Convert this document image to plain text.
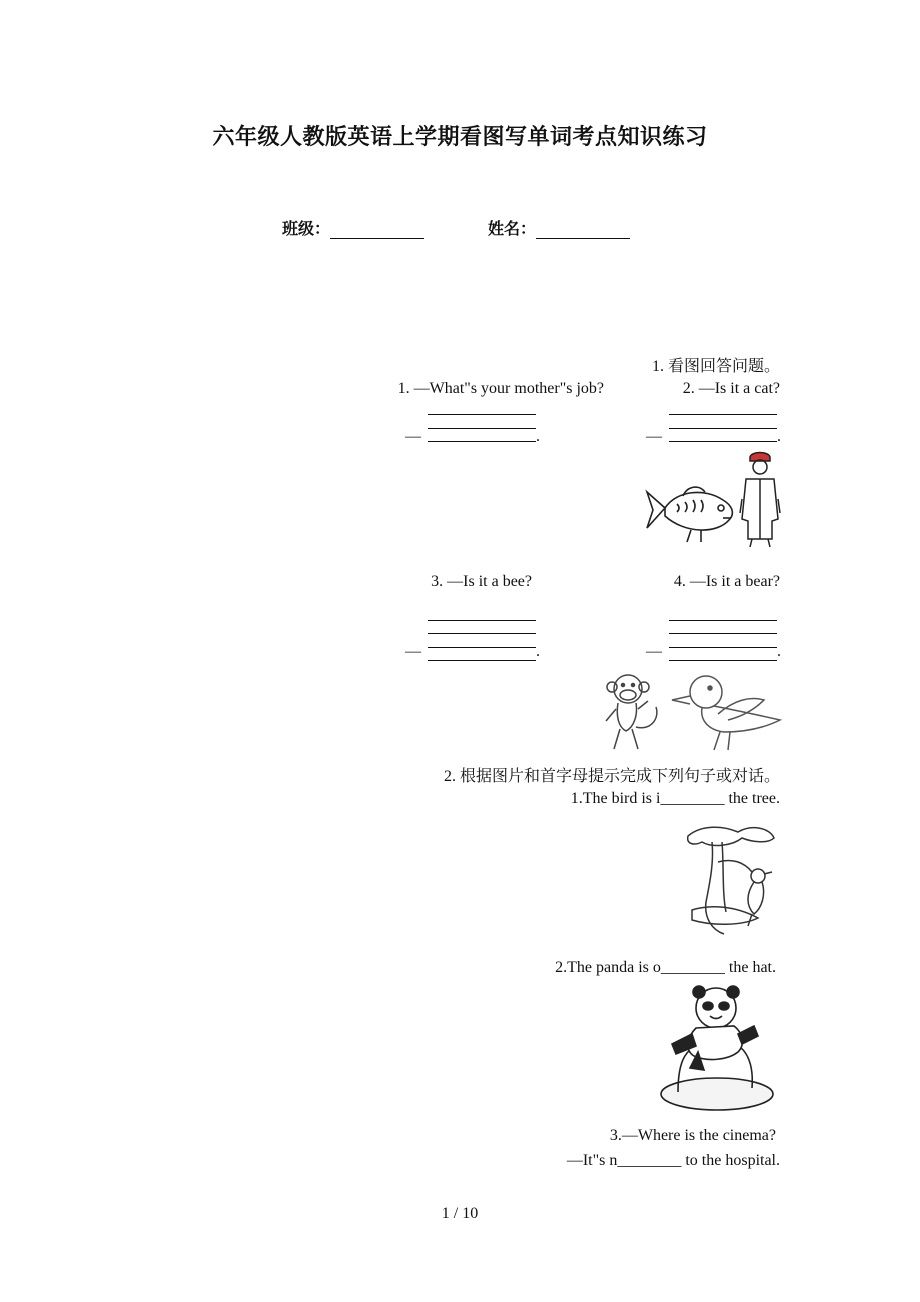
六年级人教版英语上学期看图写单词考点知识练习
班级：	姓名：
1. 看图回答问题。
1. —What"s your mother"s job?	2. —Is it a cat?
—	.	—	.
3. —Is it a bee?	4. —Is it a bear?
—	.	—	.
2. 根据图片和首字母提示完成下列句子或对话。
1.The bird is i________ the tree.
2.The panda is o________ the hat.
3.—Where is the cinema?
—It"s n________ to the hospital.
1 / 10
